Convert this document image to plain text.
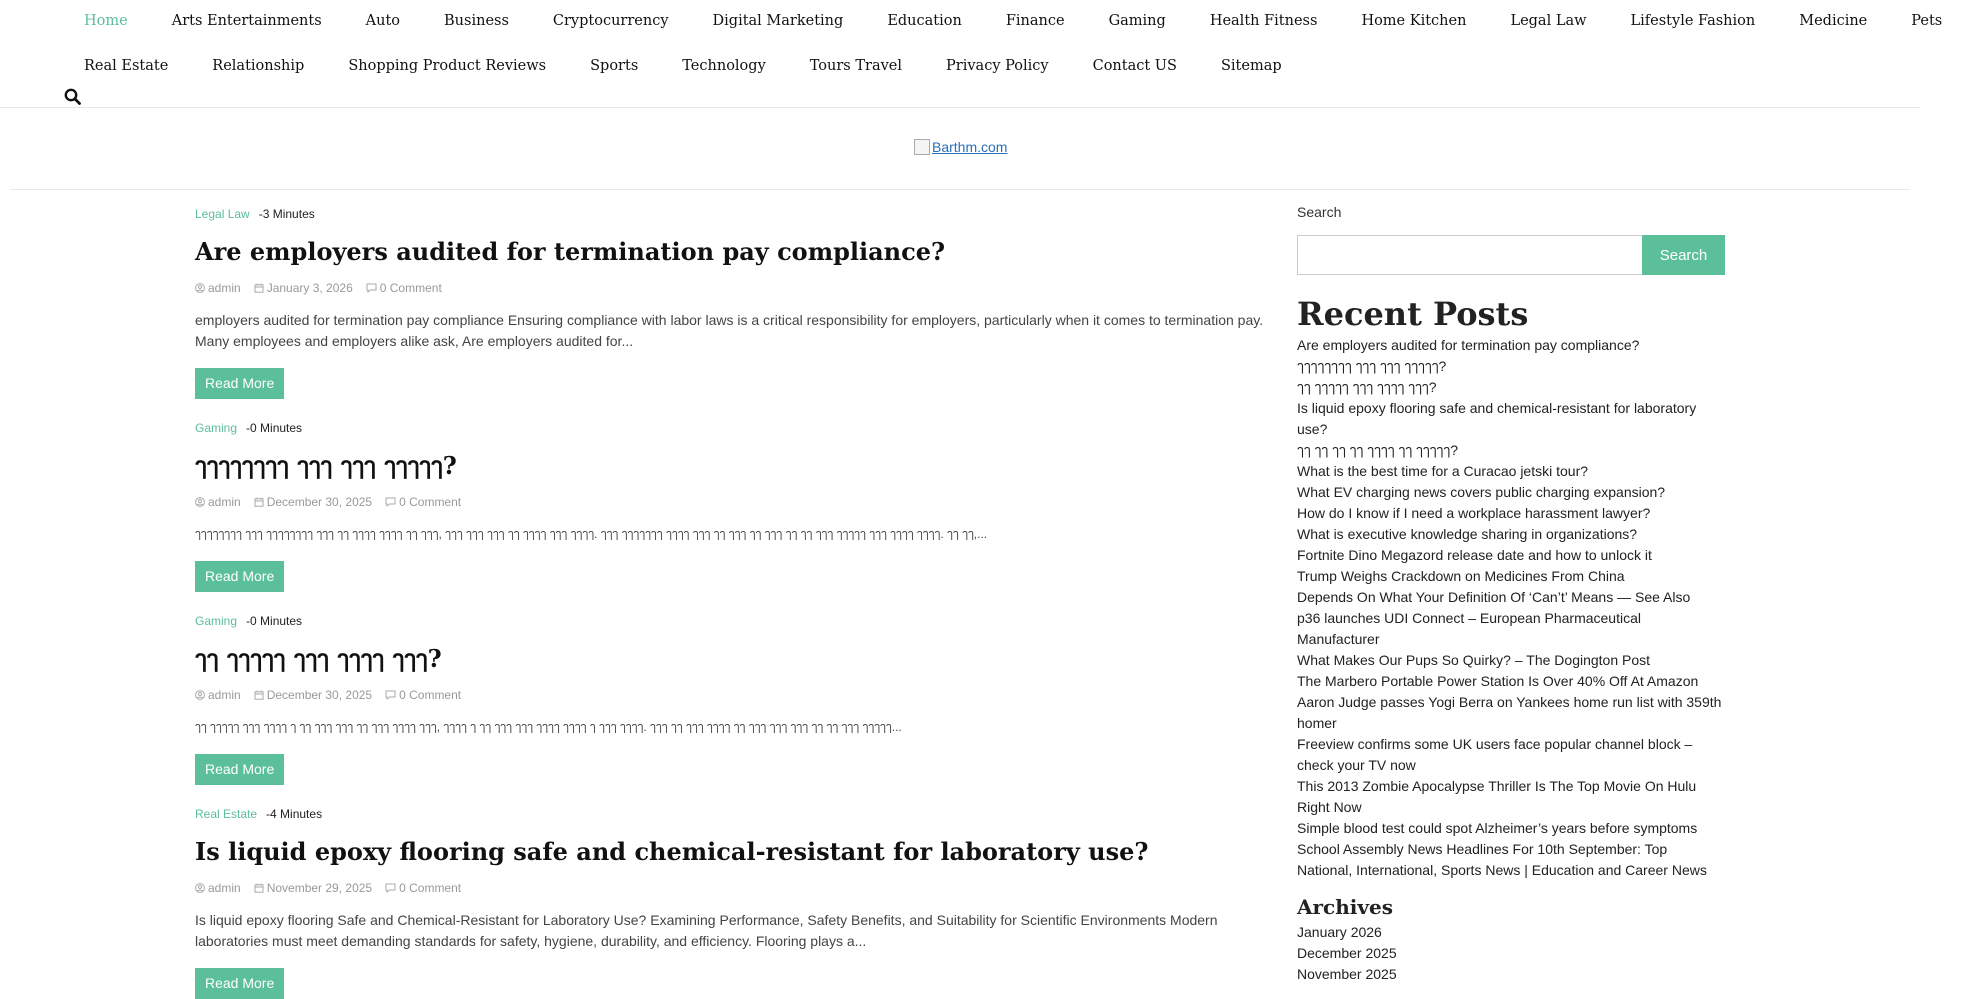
Home	Arts Entertainments	Auto	Business	Cryptocurrency	Digital Marketing	Education	Finance	Gaming	Health Fitness	Home Kitchen	Legal Law	Lifestyle Fashion	Medicine	Pets
Real Estate	Relationship	Shopping Product Reviews	Sports	Technology	Tours Travel	Privacy Policy	Contact US	Sitemap
Barthm.com
Legal Law -3 Minutes
Are employers audited for termination pay compliance?
admin January 3, 2026 0 Comment

employers audited for termination pay compliance Ensuring compliance with labor laws is a critical responsibility for employers, particularly when it comes to termination pay. Many employees and employers alike ask, Are employers audited for...

Read More
Gaming -0 Minutes
ๅๅๅๅๅๅๅๅ ๅๅๅ ๅๅๅ ๅๅๅๅๅ?
admin December 30, 2025 0 Comment

ๅๅๅๅๅๅๅๅ ๅๅๅ ๅๅๅๅๅๅๅๅ ๅๅๅ ๅๅ ๅๅๅๅ ๅๅๅๅ ๅๅ ๅๅๅ, ๅๅๅ ๅๅๅ ๅๅๅ ๅๅ ๅๅๅๅ ๅๅๅ ๅๅๅๅ. ๅๅๅ ๅๅๅๅๅๅๅ ๅๅๅๅ ๅๅๅ ๅๅ ๅๅๅ ๅๅ ๅๅๅ ๅๅ ๅๅ ๅๅๅ ๅๅๅๅๅ ๅๅๅ ๅๅๅๅ ๅๅๅๅ. ๅๅ ๅๅ,...

Read More
Gaming -0 Minutes
ๅๅ ๅๅๅๅๅ ๅๅๅ ๅๅๅๅ ๅๅๅ?
admin December 30, 2025 0 Comment

ๅๅ ๅๅๅๅๅ ๅๅๅ ๅๅๅๅ ๅ ๅๅ ๅๅๅ ๅๅๅ ๅๅ ๅๅๅ ๅๅๅๅ ๅๅๅ, ๅๅๅๅ ๅ ๅๅ ๅๅๅ ๅๅๅ ๅๅๅๅ ๅๅๅๅ ๅ ๅๅๅ ๅๅๅๅ. ๅๅๅ ๅๅ ๅๅๅ ๅๅๅๅ ๅๅ ๅๅๅ ๅๅๅ ๅๅๅ ๅๅ ๅๅ ๅๅๅ ๅๅๅๅๅ...

Read More
Real Estate -4 Minutes
Is liquid epoxy flooring safe and chemical-resistant for laboratory use?
admin November 29, 2025 0 Comment

Is liquid epoxy flooring Safe and Chemical-Resistant for Laboratory Use? Examining Performance, Safety Benefits, and Suitability for Scientific Environments Modern laboratories must meet demanding standards for safety, hygiene, durability, and efficiency. Flooring plays a...

Read More
Search
Search
Recent Posts
Are employers audited for termination pay compliance?
ๅๅๅๅๅๅๅๅ ๅๅๅ ๅๅๅ ๅๅๅๅๅ?
ๅๅ ๅๅๅๅๅ ๅๅๅ ๅๅๅๅ ๅๅๅ?
Is liquid epoxy flooring safe and chemical-resistant for laboratory use?
ๅๅ ๅๅ ๅๅ ๅๅ ๅๅๅๅ ๅๅ ๅๅๅๅๅ?
What is the best time for a Curacao jetski tour?
What EV charging news covers public charging expansion?
How do I know if I need a workplace harassment lawyer?
What is executive knowledge sharing in organizations?
Fortnite Dino Megazord release date and how to unlock it
Trump Weighs Crackdown on Medicines From China
Depends On What Your Definition Of ‘Can’t’ Means — See Also
p36 launches UDI Connect – European Pharmaceutical Manufacturer
What Makes Our Pups So Quirky? – The Dogington Post
The Marbero Portable Power Station Is Over 40% Off At Amazon
Aaron Judge passes Yogi Berra on Yankees home run list with 359th homer
Freeview confirms some UK users face popular channel block – check your TV now
This 2013 Zombie Apocalypse Thriller Is The Top Movie On Hulu Right Now
Simple blood test could spot Alzheimer’s years before symptoms
School Assembly News Headlines For 10th September: Top National, International, Sports News | Education and Career News
Archives
January 2026
December 2025
November 2025
